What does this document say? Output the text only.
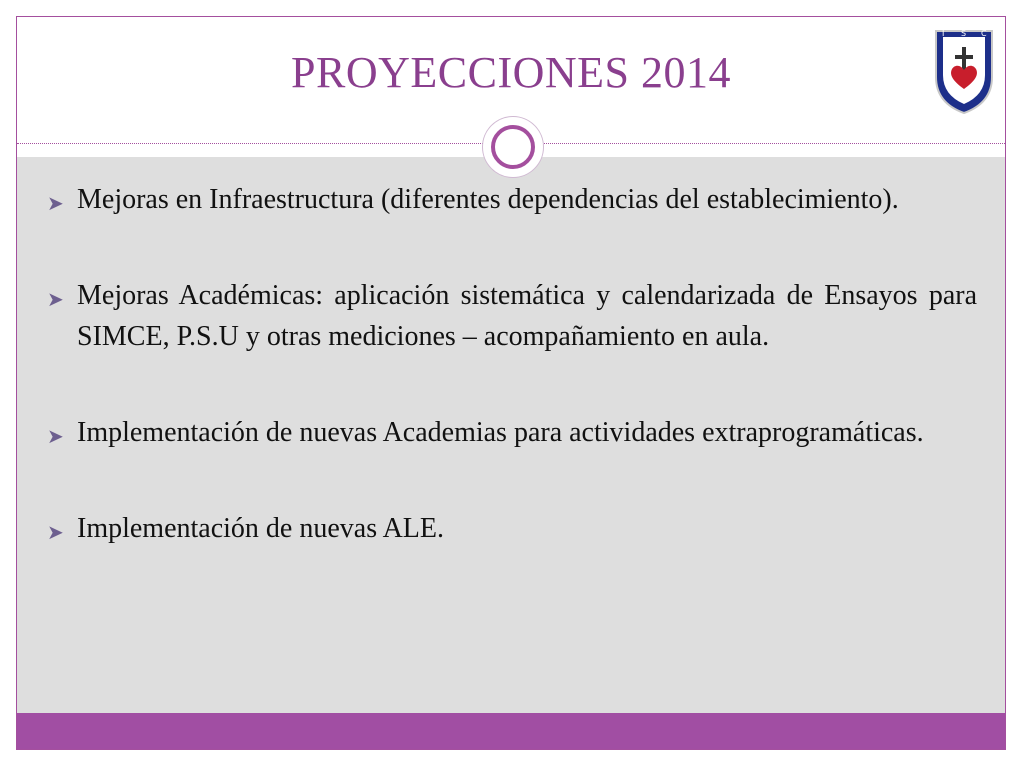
PROYECCIONES 2014
I S C
➤ Mejoras en Infraestructura (diferentes dependencias del establecimiento).
➤ Mejoras Académicas: aplicación sistemática y calendarizada de Ensayos para SIMCE, P.S.U y otras mediciones – acompañamiento en aula.
➤ Implementación de nuevas Academias para actividades extraprogramáticas.
➤ Implementación de nuevas ALE.
